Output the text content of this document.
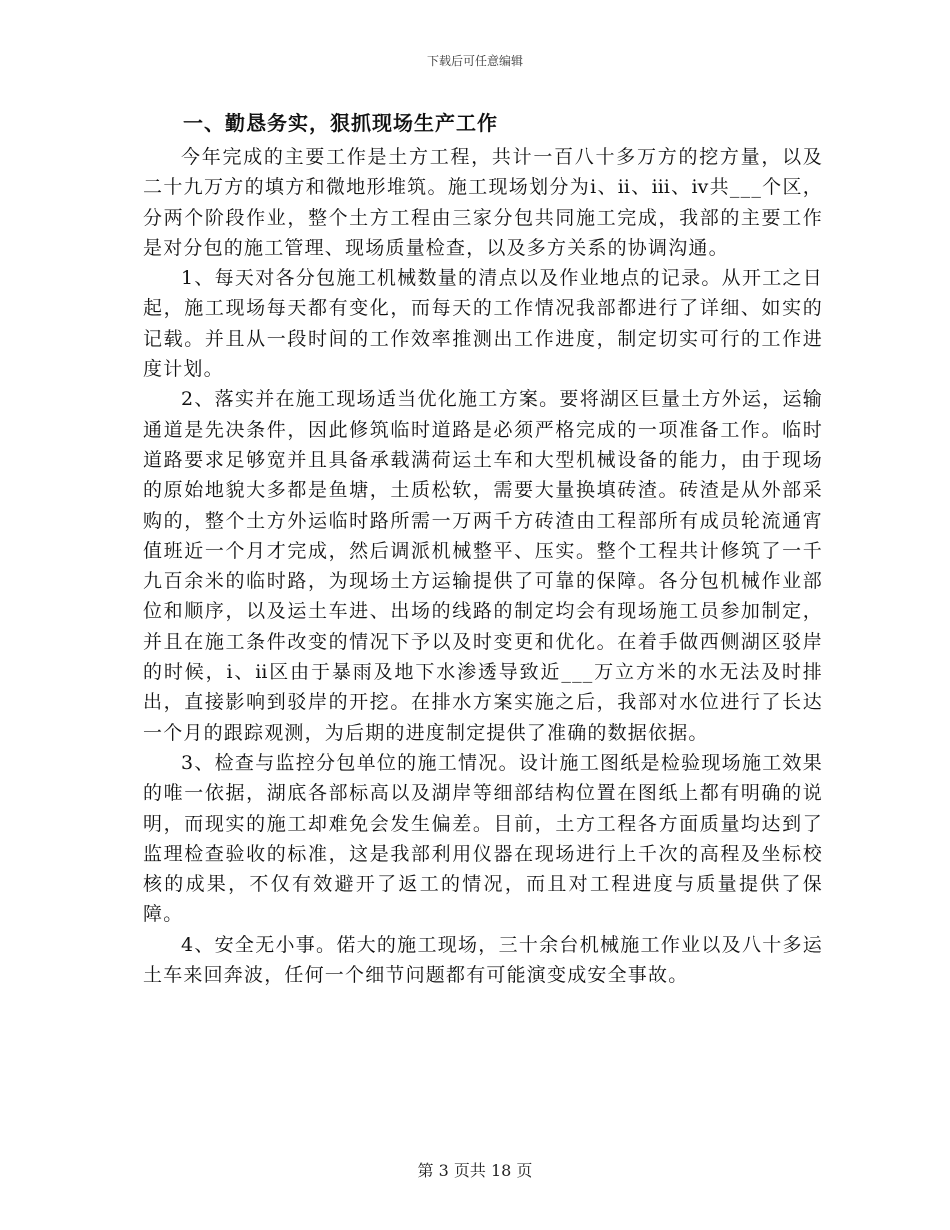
下载后可任意编辑
一、勤恳务实，狠抓现场生产工作

今年完成的主要工作是土方工程，共计一百八十多万方的挖方量，以及二十九万方的填方和微地形堆筑。施工现场划分为ⅰ、ⅱ、ⅲ、ⅳ共___个区，分两个阶段作业，整个土方工程由三家分包共同施工完成，我部的主要工作是对分包的施工管理、现场质量检查，以及多方关系的协调沟通。

1、每天对各分包施工机械数量的清点以及作业地点的记录。从开工之日起，施工现场每天都有变化，而每天的工作情况我部都进行了详细、如实的记载。并且从一段时间的工作效率推测出工作进度，制定切实可行的工作进度计划。

2、落实并在施工现场适当优化施工方案。要将湖区巨量土方外运，运输通道是先决条件，因此修筑临时道路是必须严格完成的一项准备工作。临时道路要求足够宽并且具备承载满荷运土车和大型机械设备的能力，由于现场的原始地貌大多都是鱼塘，土质松软，需要大量换填砖渣。砖渣是从外部采购的，整个土方外运临时路所需一万两千方砖渣由工程部所有成员轮流通宵值班近一个月才完成，然后调派机械整平、压实。整个工程共计修筑了一千九百余米的临时路，为现场土方运输提供了可靠的保障。各分包机械作业部位和顺序，以及运土车进、出场的线路的制定均会有现场施工员参加制定，并且在施工条件改变的情况下予以及时变更和优化。在着手做西侧湖区驳岸的时候，ⅰ、ⅱ区由于暴雨及地下水渗透导致近___万立方米的水无法及时排出，直接影响到驳岸的开挖。在排水方案实施之后，我部对水位进行了长达一个月的跟踪观测，为后期的进度制定提供了准确的数据依据。

3、检查与监控分包单位的施工情况。设计施工图纸是检验现场施工效果的唯一依据，湖底各部标高以及湖岸等细部结构位置在图纸上都有明确的说明，而现实的施工却难免会发生偏差。目前，土方工程各方面质量均达到了监理检查验收的标准，这是我部利用仪器在现场进行上千次的高程及坐标校核的成果，不仅有效避开了返工的情况，而且对工程进度与质量提供了保障。

4、安全无小事。偌大的施工现场，三十余台机械施工作业以及八十多运土车来回奔波，任何一个细节问题都有可能演变成安全事故。

第 3 页共 18 页
